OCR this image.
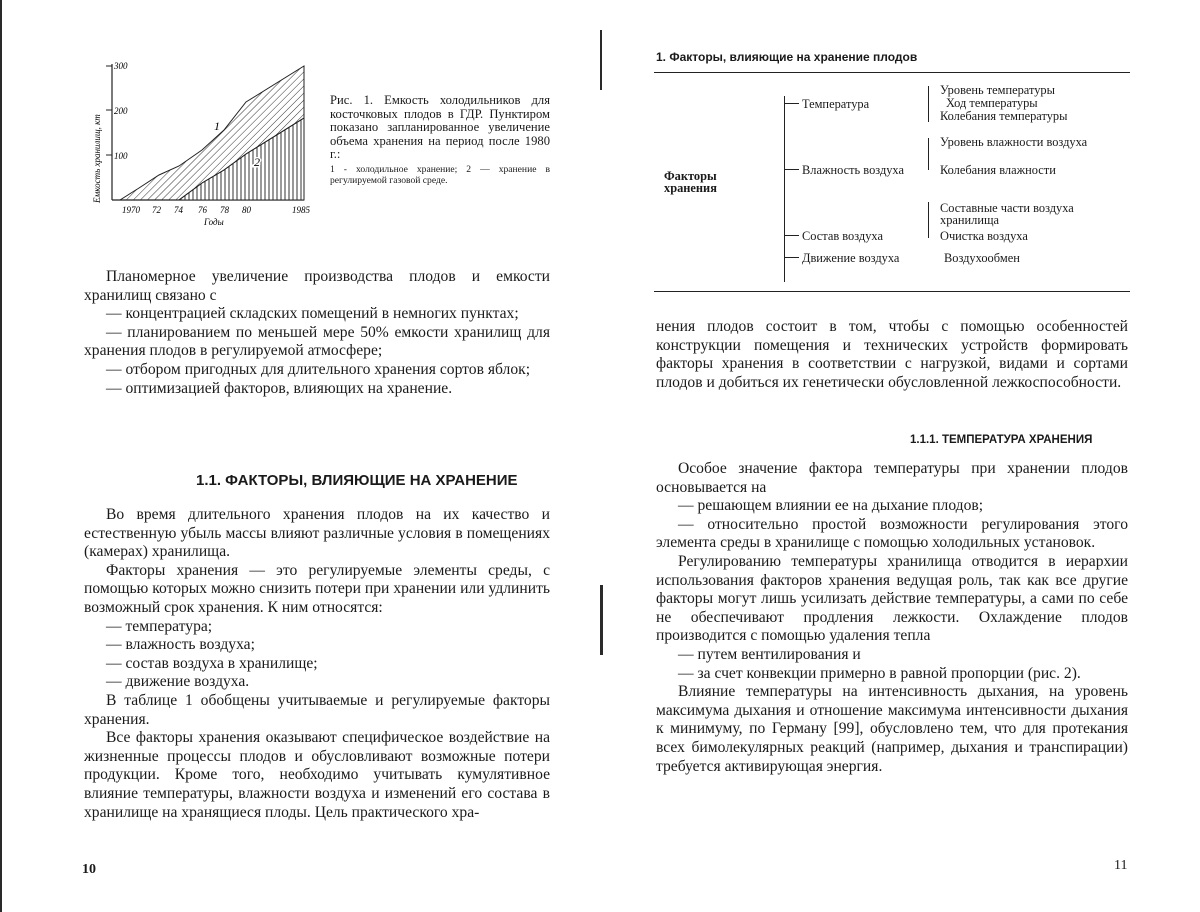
300
200
100
1970 72 74 76 78 80	1985
Годы
Емкость хранилищ, кт	1
2
Рис. 1. Емкость холодильников для косточковых плодов в ГДР. Пунктиром показано запланированное увеличение объема хранения на период после 1980 г.:
1 - холодильное хранение; 2 — хранение в регулируемой газовой среде.

Планомерное увеличение производства плодов и емкости хранилищ связано с

— концентрацией складских помещений в немногих пунктах;

— планированием по меньшей мере 50% емкости хранилищ для хранения плодов в регулируемой атмосфере;

— отбором пригодных для длительного хранения сортов яблок;

— оптимизацией факторов, влияющих на хранение.

1.1. ФАКТОРЫ, ВЛИЯЮЩИЕ НА ХРАНЕНИЕ

Во время длительного хранения плодов на их качество и естественную убыль массы влияют различные условия в помещениях (камерах) хранилища.

Факторы хранения — это регулируемые элементы среды, с помощью которых можно снизить потери при хранении или удлинить возможный срок хранения. К ним относятся:

— температура;

— влажность воздуха;

— состав воздуха в хранилище;

— движение воздуха.

В таблице 1 обобщены учитываемые и регулируемые факторы хранения.

Все факторы хранения оказывают специфическое воздействие на жизненные процессы плодов и обусловливают возможные потери продукции. Кроме того, необходимо учитывать кумулятивное влияние температуры, влажности воздуха и изменений его состава в хранилище на хранящиеся плоды. Цель практического хра-

10
1. Факторы, влияющие на хранение плодов
Факторы хранения
Температура
Влажность воздуха
Состав воздуха
Движение воздуха
Уровень температуры
Ход температуры
Колебания температуры
Уровень влажности воздуха
Колебания влажности
Составные части воздуха хранилища
Очистка воздуха
Воздухообмен
нения плодов состоит в том, чтобы с помощью особенностей конструкции помещения и технических устройств формировать факторы хранения в соответствии с нагрузкой, видами и сортами плодов и добиться их генетически обусловленной лежкоспособности.
1.1.1. ТЕМПЕРАТУРА ХРАНЕНИЯ

Особое значение фактора температуры при хранении плодов основывается на

— решающем влиянии ее на дыхание плодов;

— относительно простой возможности регулирования этого элемента среды в хранилище с помощью холодильных установок.

Регулированию температуры хранилища отводится в иерархии использования факторов хранения ведущая роль, так как все другие факторы могут лишь усилизать действие температуры, а сами по себе не обеспечивают продления лежкости. Охлаждение плодов производится с помощью удаления тепла

— путем вентилирования и

— за счет конвекции примерно в равной пропорции (рис. 2).

Влияние температуры на интенсивность дыхания, на уровень максимума дыхания и отношение максимума интенсивности дыхания к минимуму, по Герману [99], обусловлено тем, что для протекания всех бимолекулярных реакций (например, дыхания и транспирации) требуется активирующая энергия.

11
